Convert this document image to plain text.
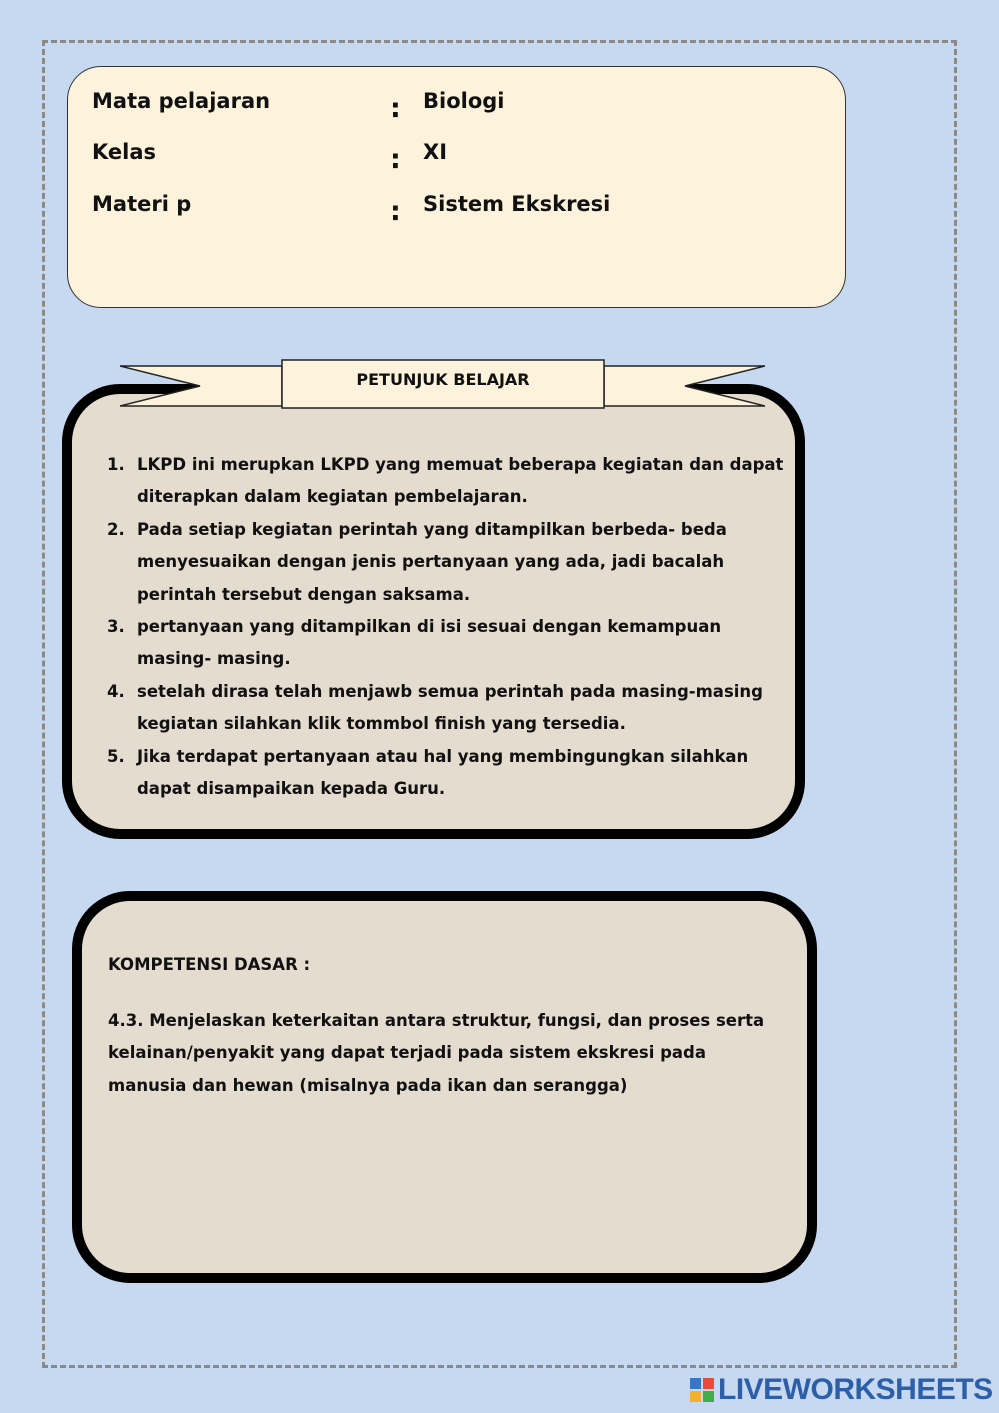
Mata pelajaran	: Biologi
Kelas	: XI
Materi p	: Sistem Ekskresi
1. LKPD ini merupkan LKPD yang memuat beberapa kegiatan dan dapat diterapkan dalam kegiatan pembelajaran.
2. Pada setiap kegiatan perintah yang ditampilkan berbeda- beda menyesuaikan dengan jenis pertanyaan yang ada, jadi bacalah perintah tersebut dengan saksama.
3. pertanyaan yang ditampilkan di isi sesuai dengan kemampuan masing- masing.
4. setelah dirasa telah menjawb semua perintah pada masing-masing kegiatan silahkan klik tommbol finish yang tersedia.
5. Jika terdapat pertanyaan atau hal yang membingungkan silahkan dapat disampaikan kepada Guru.
PETUNJUK BELAJAR
KOMPETENSI DASAR :
4.3. Menjelaskan keterkaitan antara struktur, fungsi, dan proses serta kelainan/penyakit yang dapat terjadi pada sistem ekskresi pada manusia dan hewan (misalnya pada ikan dan serangga)
LIVEWORKSHEETS
